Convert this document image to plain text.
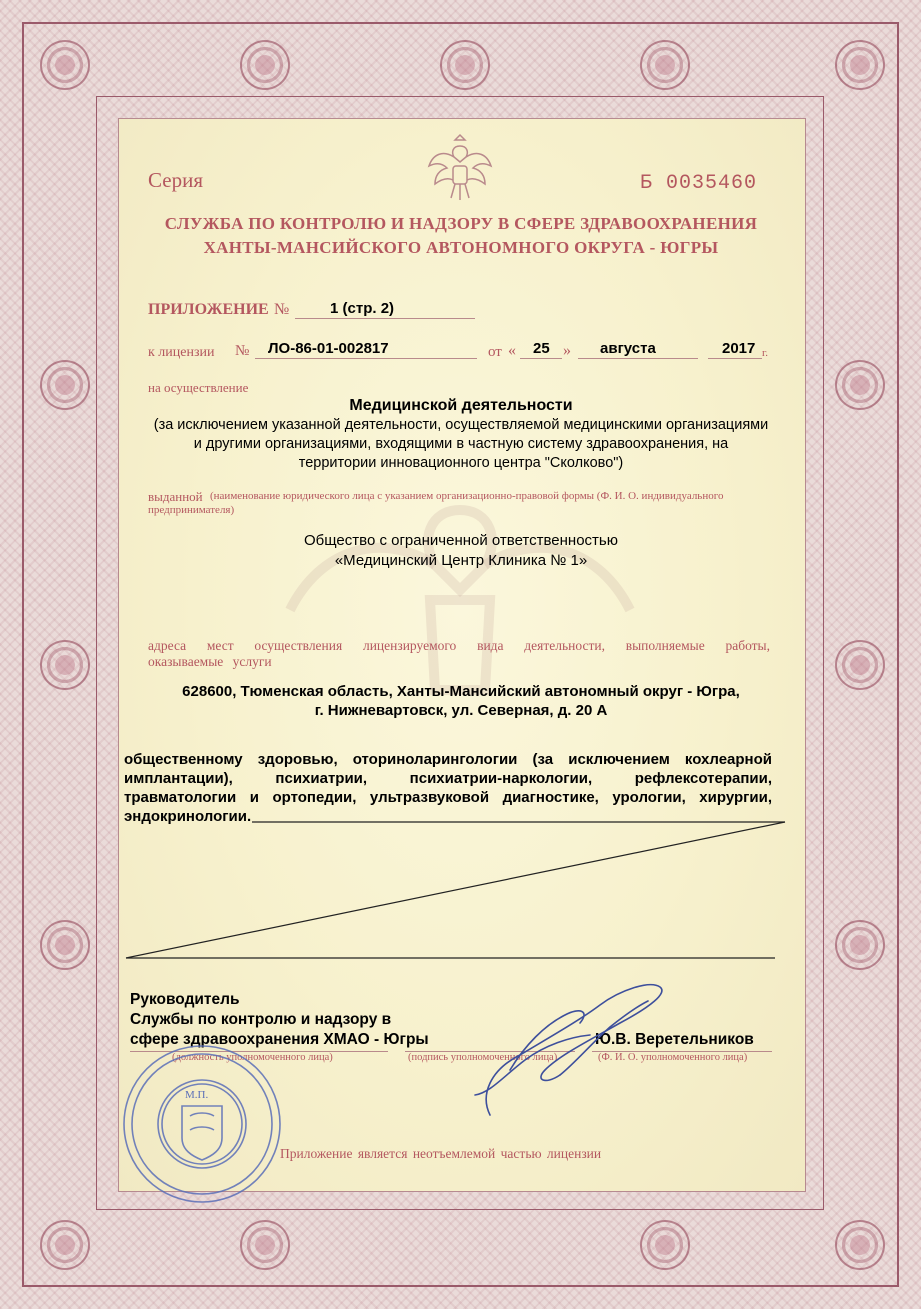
Серия	Б 0035460
СЛУЖБА ПО КОНТРОЛЮ И НАДЗОРУ В СФЕРЕ ЗДРАВООХРАНЕНИЯ
ХАНТЫ-МАНСИЙСКОГО АВТОНОМНОГО ОКРУГА - ЮГРЫ
ПРИЛОЖЕНИЕ №	1 (стр. 2)
к лицензии № ЛО-86-01-002817	от « 25 » августа	2017 г.
на осуществление
Медицинской деятельности
(за исключением указанной деятельности, осуществляемой медицинскими организациями
и другими организациями, входящими в частную систему здравоохранения, на
территории инновационного центра "Сколково")
выданной (наименование юридического лица с указанием организационно-правовой формы (Ф. И. О. индивидуального предпринимателя)
Общество с ограниченной ответственностью
«Медицинский Центр Клиника № 1»
адреса мест осуществления лицензируемого вида деятельности, выполняемые работы,
оказываемые услуги
628600, Тюменская область, Ханты-Мансийский автономный округ - Югра,
г. Нижневартовск, ул. Северная, д. 20 А
общественному здоровью, оториноларингологии (за исключением кохлеарной
имплантации), психиатрии, психиатрии-наркологии, рефлексотерапии,
травматологии и ортопедии, ультразвуковой диагностике, урологии, хирургии,
эндокринологии.
Руководитель
Службы по контролю и надзору в
сфере здравоохранения ХМАО - Югры
(должность уполномоченного лица)	(подпись уполномоченного лица)
Ю.В. Веретельников
(Ф. И. О. уполномоченного лица)
М.П.
Приложение является неотъемлемой частью лицензии
